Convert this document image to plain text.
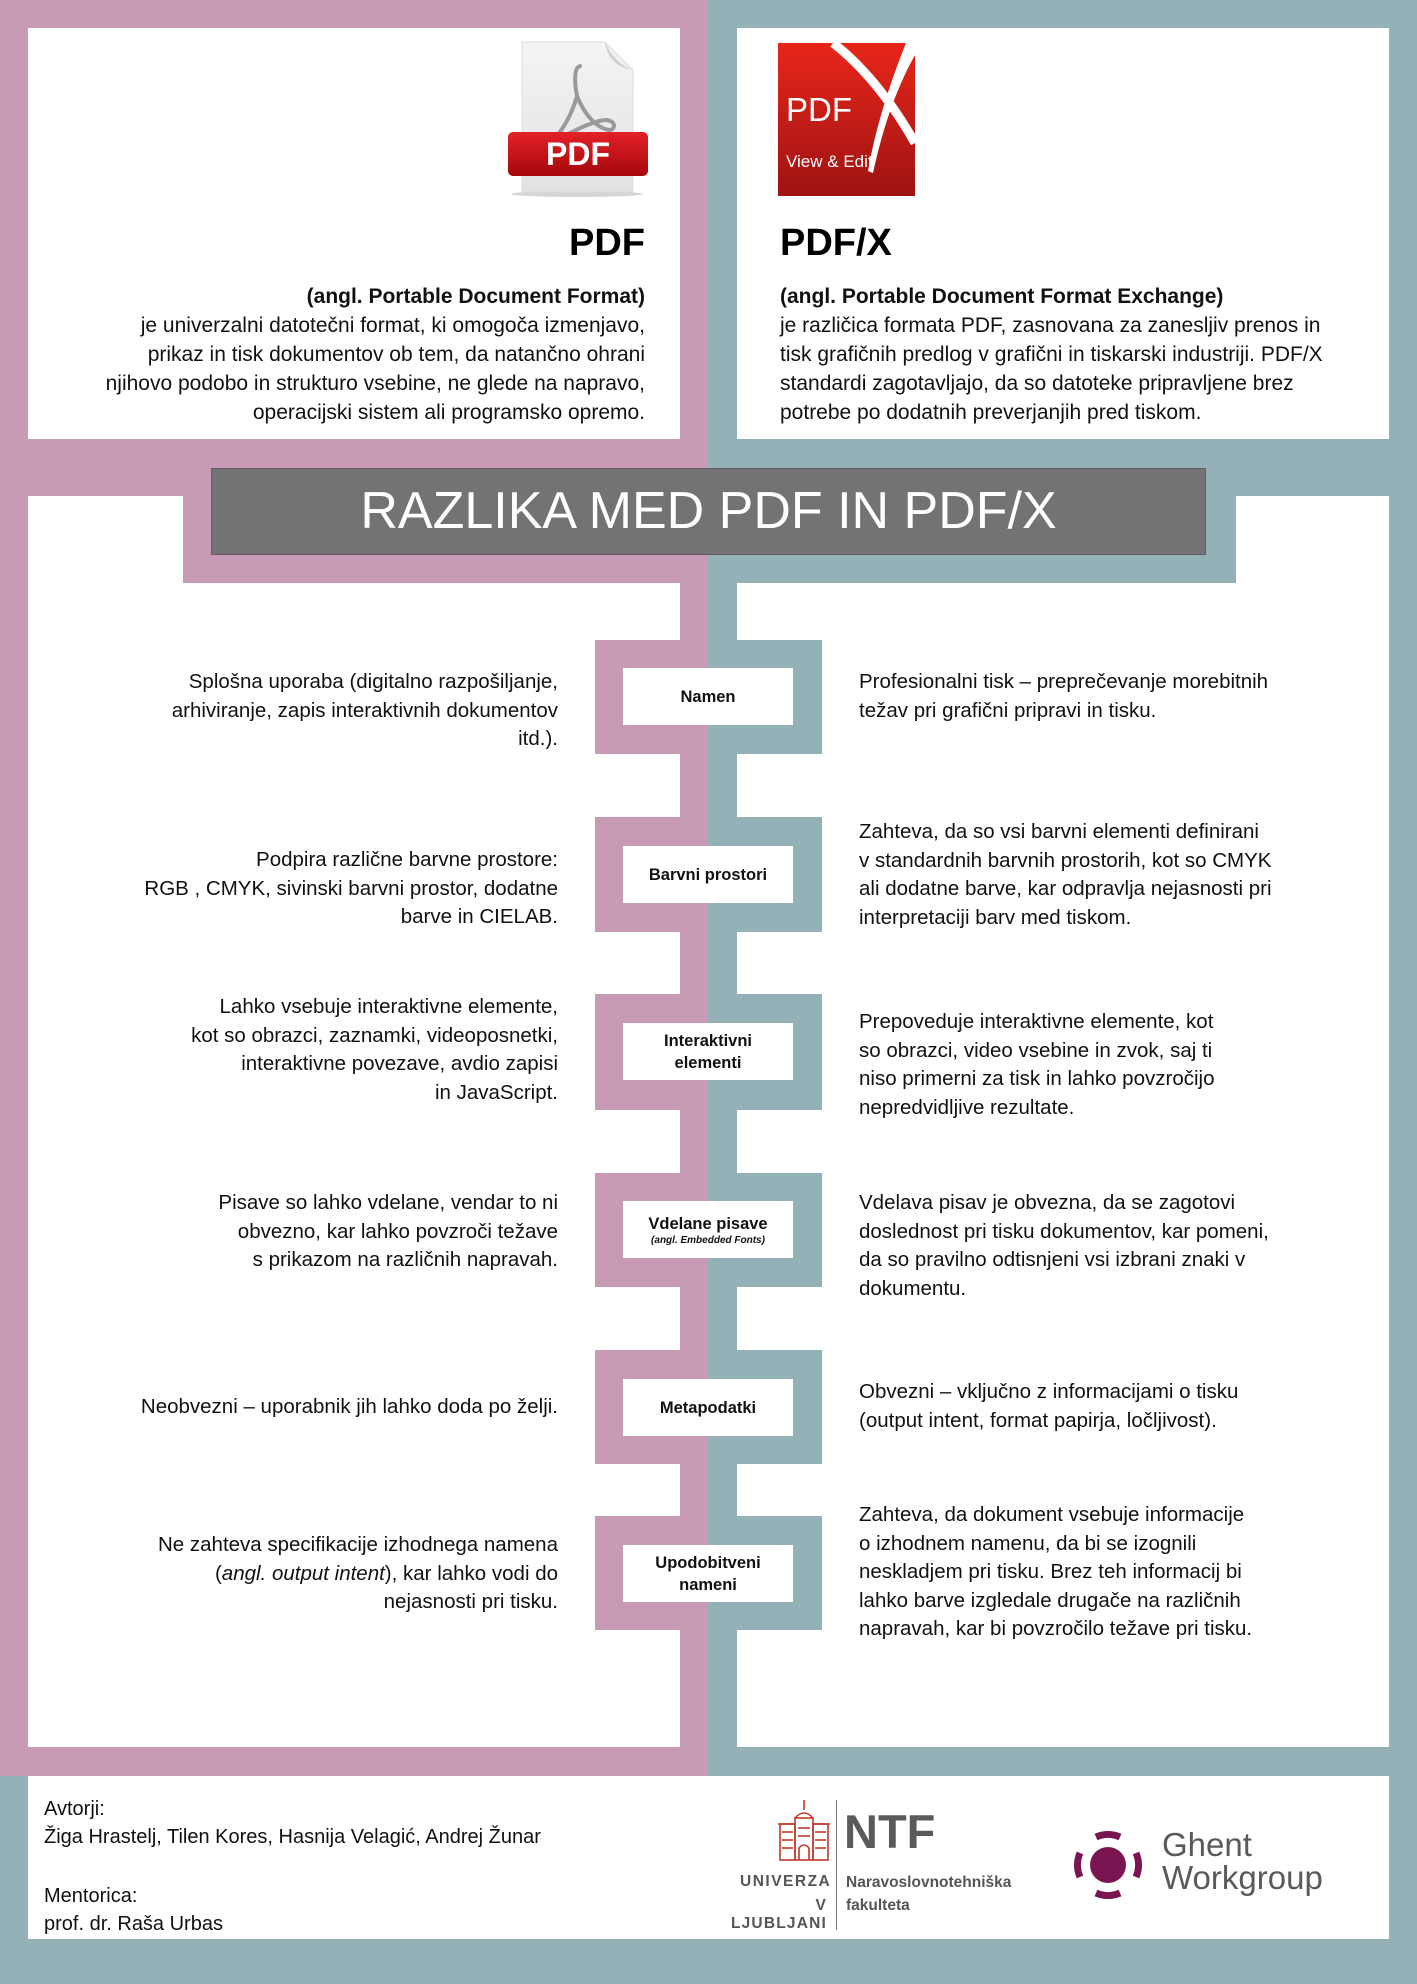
RAZLIKA MED PDF IN PDF/X
PDF
PDF
(angl. Portable Document Format)
je univerzalni datotečni format, ki omogoča izmenjavo,
prikaz in tisk dokumentov ob tem, da natančno ohrani
njihovo podobo in strukturo vsebine, ne glede na napravo,
operacijski sistem ali programsko opremo.
PDF
View & Edit
PDF/X
(angl. Portable Document Format Exchange)
je različica formata PDF, zasnovana za zanesljiv prenos in
tisk grafičnih predlog v grafični in tiskarski industriji. PDF/X
standardi zagotavljajo, da so datoteke pripravljene brez
potrebe po dodatnih preverjanjih pred tiskom.
Namen
Splošna uporaba (digitalno razpošiljanje,
arhiviranje, zapis interaktivnih dokumentov
itd.).
Profesionalni tisk – preprečevanje morebitnih
težav pri grafični pripravi in tisku.
Barvni prostori
Podpira različne barvne prostore:
RGB , CMYK, sivinski barvni prostor, dodatne
barve in CIELAB.
Zahteva, da so vsi barvni elementi definirani
v standardnih barvnih prostorih, kot so CMYK
ali dodatne barve, kar odpravlja nejasnosti pri
interpretaciji barv med tiskom.
Interaktivni elementi
Lahko vsebuje interaktivne elemente,
kot so obrazci, zaznamki, videoposnetki,
interaktivne povezave, avdio zapisi
in JavaScript.
Prepoveduje interaktivne elemente, kot
so obrazci, video vsebine in zvok, saj ti
niso primerni za tisk in lahko povzročijo
nepredvidljive rezultate.
Vdelane pisave
(angl. Embedded Fonts)
Pisave so lahko vdelane, vendar to ni
obvezno, kar lahko povzroči težave
s prikazom na različnih napravah.
Vdelava pisav je obvezna, da se zagotovi
doslednost pri tisku dokumentov, kar pomeni,
da so pravilno odtisnjeni vsi izbrani znaki v
dokumentu.
Metapodatki
Neobvezni – uporabnik jih lahko doda po želji.
Obvezni – vključno z informacijami o tisku
(output intent, format papirja, ločljivost).
Upodobitveni nameni
Ne zahteva specifikacije izhodnega namena
(angl. output intent), kar lahko vodi do
nejasnosti pri tisku.
Zahteva, da dokument vsebuje informacije
o izhodnem namenu, da bi se izognili
neskladjem pri tisku. Brez teh informacij bi
lahko barve izgledale drugače na različnih
napravah, kar bi povzročilo težave pri tisku.
Avtorji:
Žiga Hrastelj, Tilen Kores, Hasnija Velagić, Andrej Žunar
Mentorica:
prof. dr. Raša Urbas
UNIVERZA
V LJUBLJANI
NTF
Naravoslovnotehniška
fakulteta
Ghent
Workgroup
